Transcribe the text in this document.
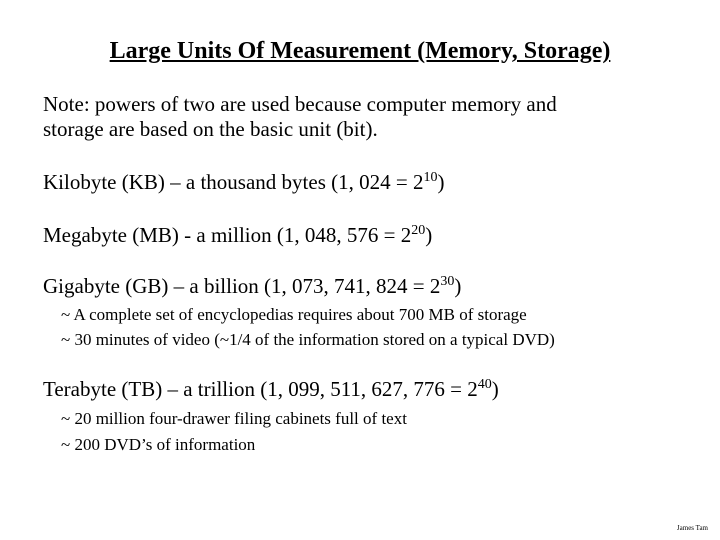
Large Units Of Measurement (Memory, Storage)

Note: powers of two are used because computer memory and
storage are based on the basic unit (bit).

Kilobyte (KB) – a thousand bytes (1, $024 = 2^{10}$)

Megabyte (MB) - a million (1, 048, $576 = 2^{20}$)

Gigabyte (GB) – a billion (1, 073, 741, $824 = 2^{30}$)

~ A complete set of encyclopedias requires about 700 MB of storage

~ 30 minutes of video (~1/4 of the information stored on a typical DVD)

Terabyte (TB) – a trillion (1, 099, 511, 627, $776 = 2^{40}$)

~ 20 million four-drawer filing cabinets full of text

~ 200 DVD’s of information

James Tam
